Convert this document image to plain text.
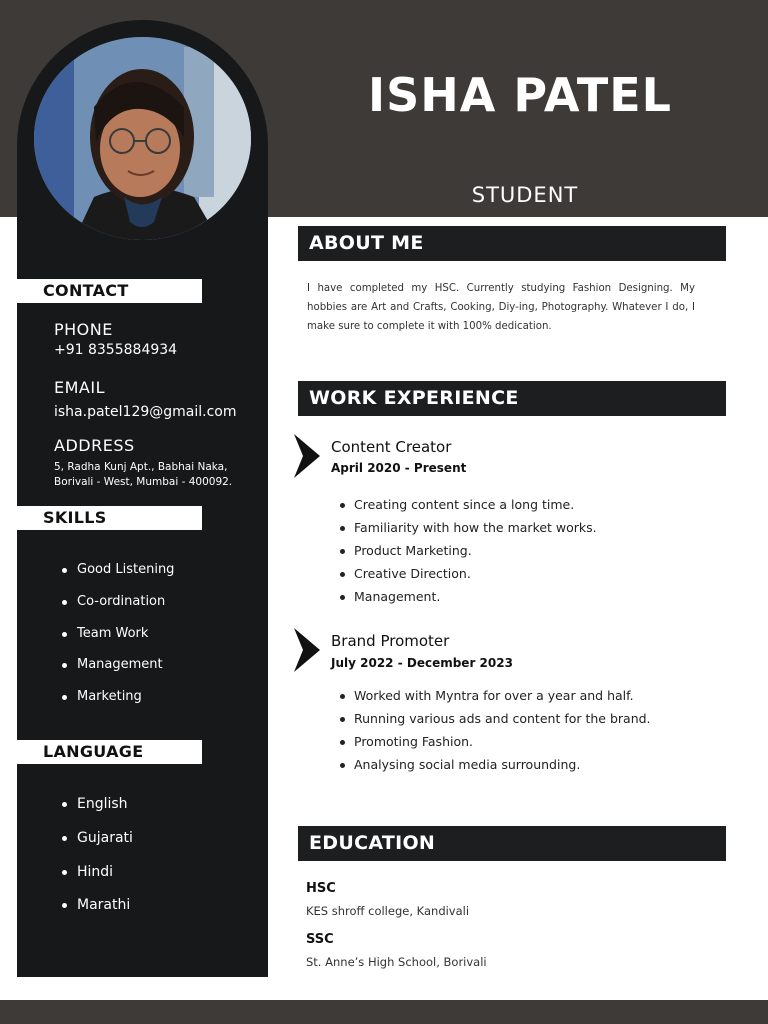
ISHA PATEL
STUDENT
CONTACT
PHONE
+91 8355884934
EMAIL
isha.patel129@gmail.com
ADDRESS
5, Radha Kunj Apt., Babhai Naka,
Borivali - West, Mumbai - 400092.
SKILLS
Good Listening
Co-ordination
Team Work
Management
Marketing
LANGUAGE
English
Gujarati
Hindi
Marathi
ABOUT ME
I have completed my HSC. Currently studying Fashion Designing. My hobbies are Art and Crafts, Cooking, Diy-ing, Photography. Whatever I do, I make sure to complete it with 100% dedication.
WORK EXPERIENCE
Content Creator
April 2020 - Present
Creating content since a long time.
Familiarity with how the market works.
Product Marketing.
Creative Direction.
Management.
Brand Promoter
July 2022 - December 2023
Worked with Myntra for over a year and half.
Running various ads and content for the brand.
Promoting Fashion.
Analysing social media surrounding.
EDUCATION
HSC
KES shroff college, Kandivali
SSC
St. Anne’s High School, Borivali
